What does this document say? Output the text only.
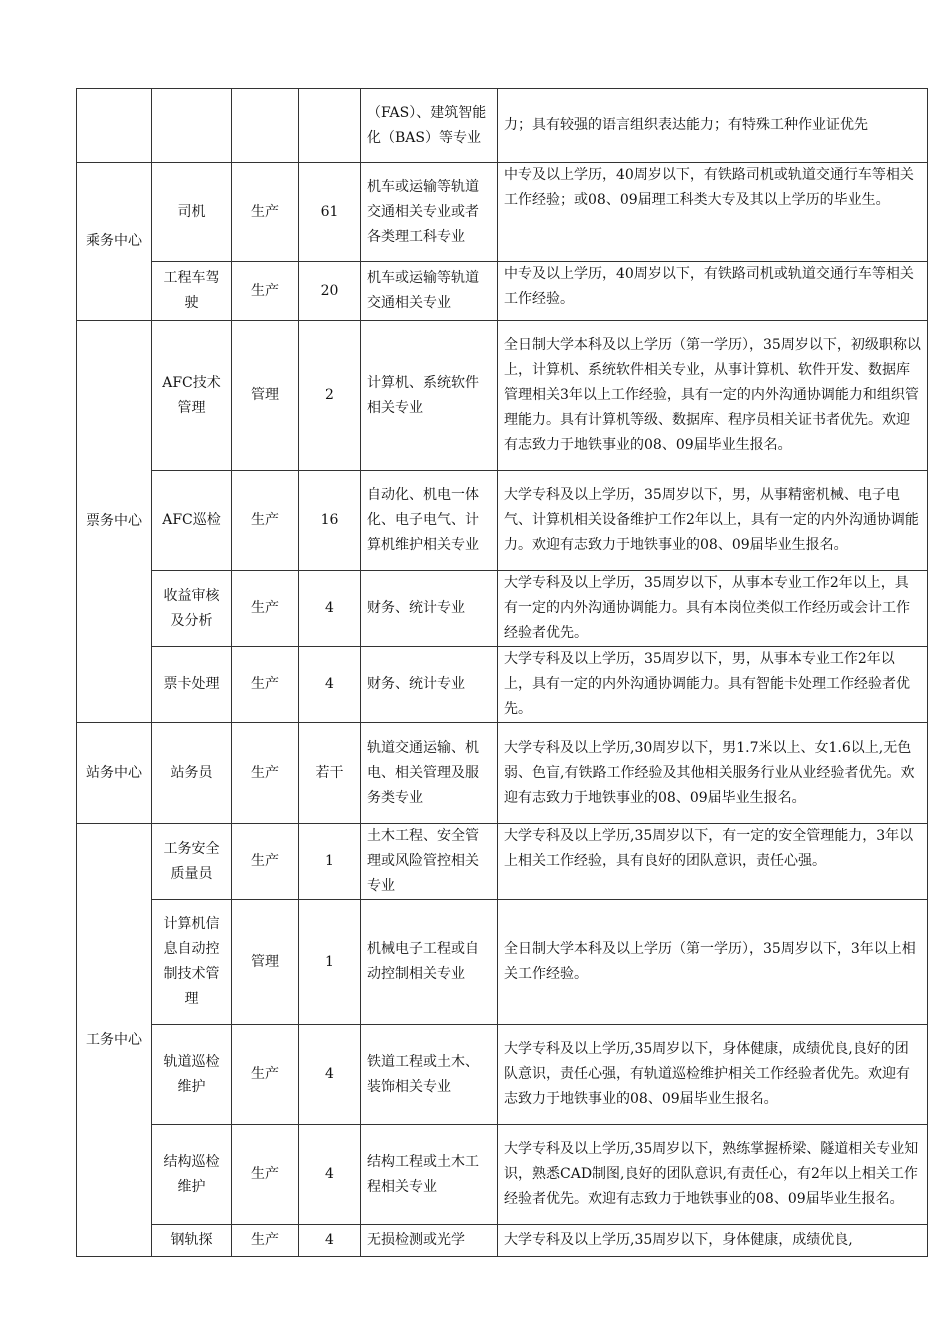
				（FAS）、建筑智能化（BAS）等专业	力；具有较强的语言组织表达能力；有特殊工种作业证优先
乘务中心	司机	生产	61	机车或运输等轨道交通相关专业或者各类理工科专业	中专及以上学历，40周岁以下，有铁路司机或轨道交通行车等相关工作经验；或08、09届理工科类大专及其以上学历的毕业生。
	工程车驾驶	生产	20	机车或运输等轨道交通相关专业	中专及以上学历，40周岁以下，有铁路司机或轨道交通行车等相关工作经验。
票务中心	AFC技术管理	管理	2	计算机、系统软件相关专业	全日制大学本科及以上学历（第一学历），35周岁以下，初级职称以上，计算机、系统软件相关专业，从事计算机、软件开发、数据库管理相关3年以上工作经验，具有一定的内外沟通协调能力和组织管理能力。具有计算机等级、数据库、程序员相关证书者优先。欢迎有志致力于地铁事业的08、09届毕业生报名。
	AFC巡检	生产	16	自动化、机电一体化、电子电气、计算机维护相关专业	大学专科及以上学历，35周岁以下，男，从事精密机械、电子电气、计算机相关设备维护工作2年以上，具有一定的内外沟通协调能力。欢迎有志致力于地铁事业的08、09届毕业生报名。
	收益审核及分析	生产	4	财务、统计专业	大学专科及以上学历，35周岁以下，从事本专业工作2年以上，具有一定的内外沟通协调能力。具有本岗位类似工作经历或会计工作经验者优先。
	票卡处理	生产	4	财务、统计专业	大学专科及以上学历，35周岁以下，男，从事本专业工作2年以上，具有一定的内外沟通协调能力。具有智能卡处理工作经验者优先。
站务中心	站务员	生产	若干	轨道交通运输、机电、相关管理及服务类专业	大学专科及以上学历,30周岁以下，男1.7米以上、女1.6以上,无色弱、色盲,有铁路工作经验及其他相关服务行业从业经验者优先。欢迎有志致力于地铁事业的08、09届毕业生报名。
工务中心	工务安全质量员	生产	1	土木工程、安全管理或风险管控相关专业	大学专科及以上学历,35周岁以下，有一定的安全管理能力，3年以上相关工作经验，具有良好的团队意识，责任心强。
	计算机信息自动控制技术管理	管理	1	机械电子工程或自动控制相关专业	全日制大学本科及以上学历（第一学历），35周岁以下，3年以上相关工作经验。
	轨道巡检维护	生产	4	铁道工程或土木、装饰相关专业	大学专科及以上学历,35周岁以下，身体健康，成绩优良,良好的团队意识，责任心强，有轨道巡检维护相关工作经验者优先。欢迎有志致力于地铁事业的08、09届毕业生报名。
	结构巡检维护	生产	4	结构工程或土木工程相关专业	大学专科及以上学历,35周岁以下，熟练掌握桥梁、隧道相关专业知识，熟悉CAD制图,良好的团队意识,有责任心，有2年以上相关工作经验者优先。欢迎有志致力于地铁事业的08、09届毕业生报名。
	钢轨探	生产	4	无损检测或光学	大学专科及以上学历,35周岁以下，身体健康，成绩优良,
